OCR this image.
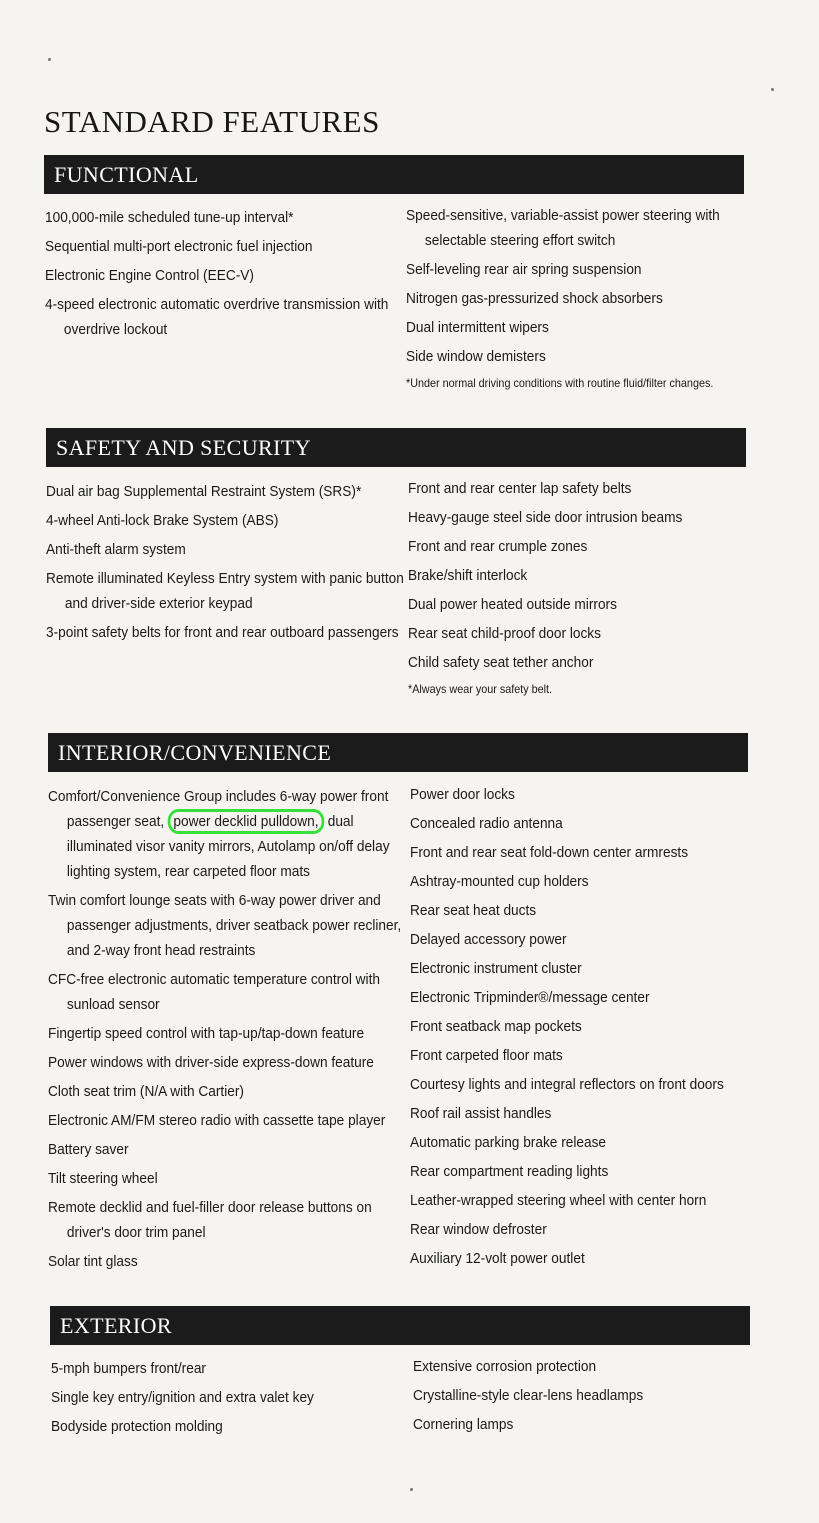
STANDARD FEATURES
FUNCTIONAL
100,000-mile scheduled tune-up interval*
Sequential multi-port electronic fuel injection
Electronic Engine Control (EEC-V)
4-speed electronic automatic overdrive transmission with overdrive lockout
Speed-sensitive, variable-assist power steering with selectable steering effort switch
Self-leveling rear air spring suspension
Nitrogen gas-pressurized shock absorbers
Dual intermittent wipers
Side window demisters
*Under normal driving conditions with routine fluid/filter changes.
SAFETY AND SECURITY
Dual air bag Supplemental Restraint System (SRS)*
4-wheel Anti-lock Brake System (ABS)
Anti-theft alarm system
Remote illuminated Keyless Entry system with panic button and driver-side exterior keypad
3-point safety belts for front and rear outboard passengers
Front and rear center lap safety belts
Heavy-gauge steel side door intrusion beams
Front and rear crumple zones
Brake/shift interlock
Dual power heated outside mirrors
Rear seat child-proof door locks
Child safety seat tether anchor
*Always wear your safety belt.
INTERIOR/CONVENIENCE
Comfort/Convenience Group includes 6-way power front passenger seat, power decklid pulldown, dual illuminated visor vanity mirrors, Autolamp on/off delay lighting system, rear carpeted floor mats
Twin comfort lounge seats with 6-way power driver and passenger adjustments, driver seatback power recliner, and 2-way front head restraints
CFC-free electronic automatic temperature control with sunload sensor
Fingertip speed control with tap-up/tap-down feature
Power windows with driver-side express-down feature
Cloth seat trim (N/A with Cartier)
Electronic AM/FM stereo radio with cassette tape player
Battery saver
Tilt steering wheel
Remote decklid and fuel-filler door release buttons on driver's door trim panel
Solar tint glass
Power door locks
Concealed radio antenna
Front and rear seat fold-down center armrests
Ashtray-mounted cup holders
Rear seat heat ducts
Delayed accessory power
Electronic instrument cluster
Electronic Tripminder®/message center
Front seatback map pockets
Front carpeted floor mats
Courtesy lights and integral reflectors on front doors
Roof rail assist handles
Automatic parking brake release
Rear compartment reading lights
Leather-wrapped steering wheel with center horn
Rear window defroster
Auxiliary 12-volt power outlet
EXTERIOR
5-mph bumpers front/rear
Single key entry/ignition and extra valet key
Bodyside protection molding
Extensive corrosion protection
Crystalline-style clear-lens headlamps
Cornering lamps
